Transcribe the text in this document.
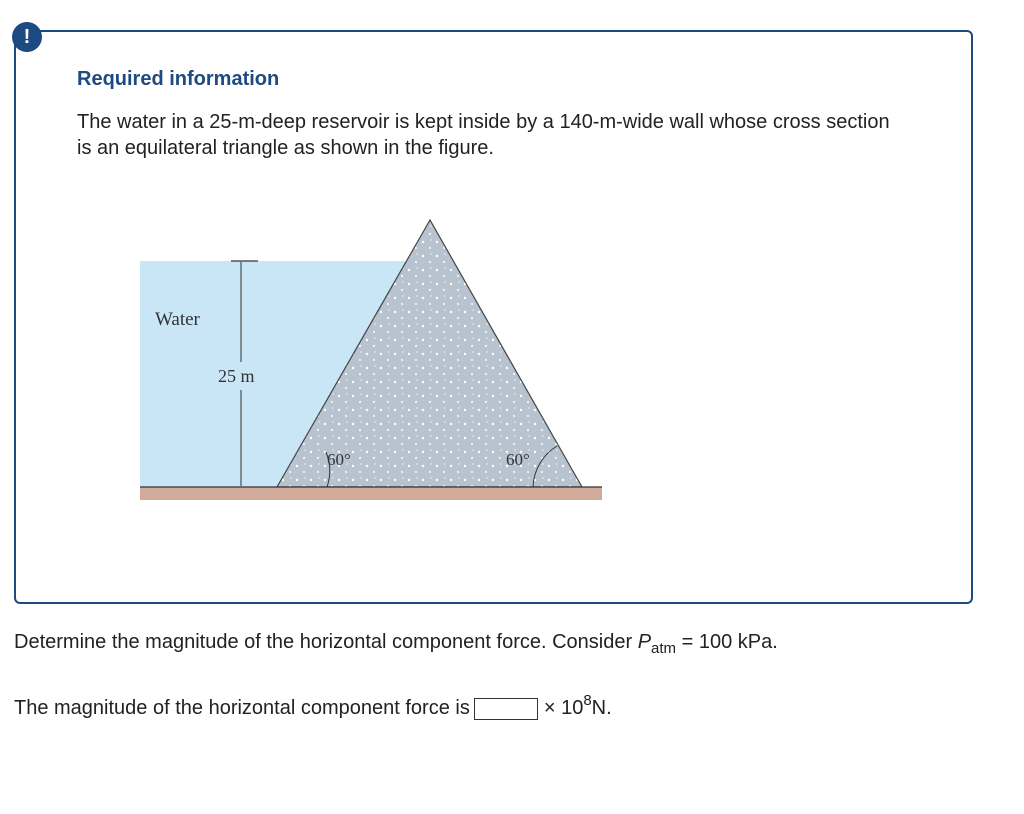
!
Required information
The water in a 25-m-deep reservoir is kept inside by a 140-m-wide wall whose cross section is an equilateral triangle as shown in the figure.
Water
25 m
60°	60°
Determine the magnitude of the horizontal component force. Consider $P_{atm} = 100$ kPa.
The magnitude of the horizontal component force is	× $10^8$ N.
